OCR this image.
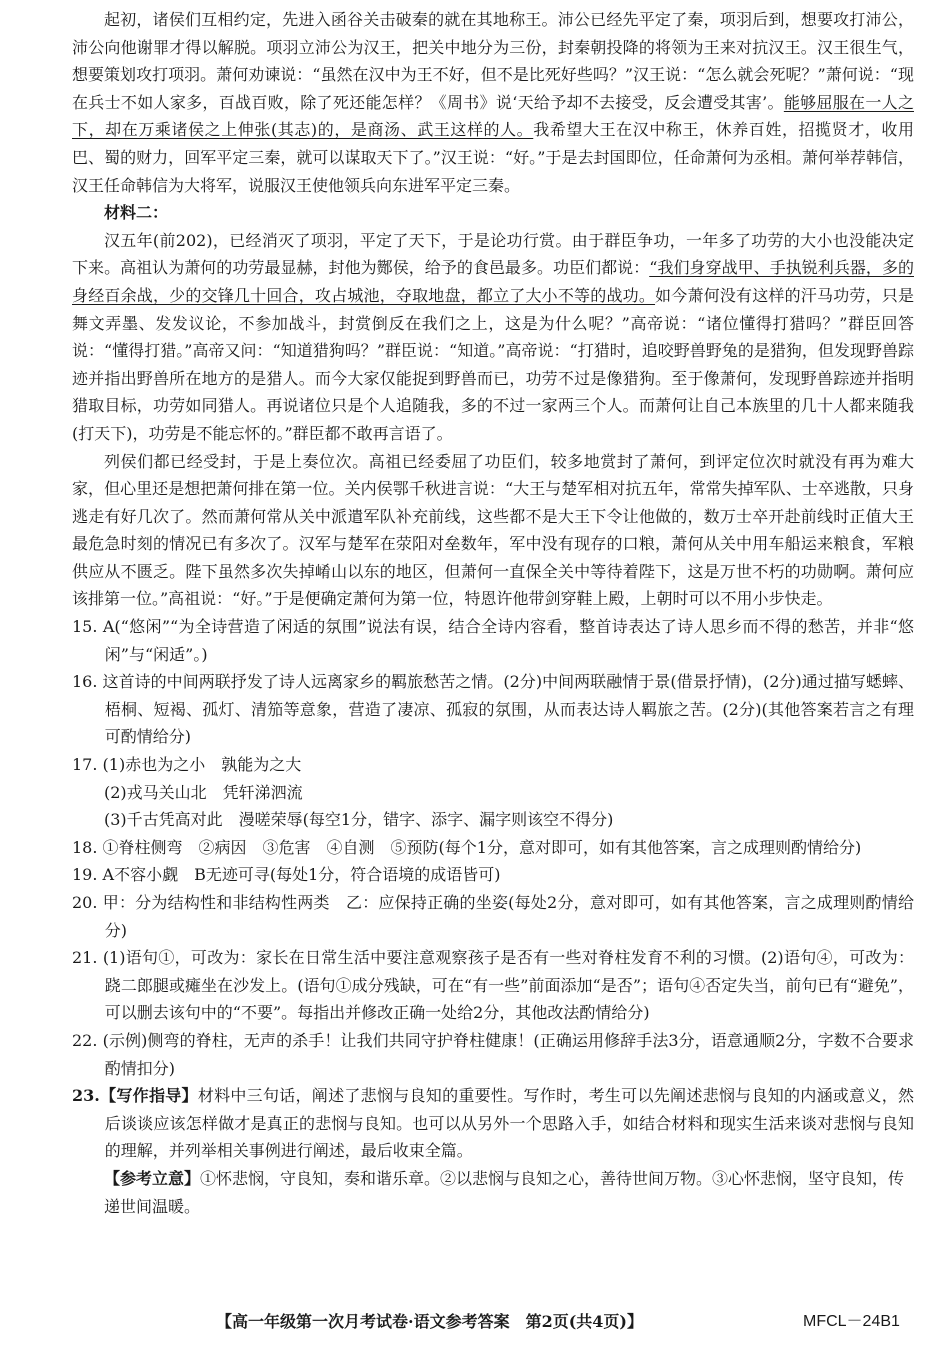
起初，诸侯们互相约定，先进入函谷关击破秦的就在其地称王。沛公已经先平定了秦，项羽后到，想要攻打沛公，沛公向他谢罪才得以解脱。项羽立沛公为汉王，把关中地分为三份，封秦朝投降的将领为王来对抗汉王。汉王很生气，想要策划攻打项羽。萧何劝谏说：“虽然在汉中为王不好，但不是比死好些吗？”汉王说：“怎么就会死呢？”萧何说：“现在兵士不如人家多，百战百败，除了死还能怎样？《周书》说‘天给予却不去接受，反会遭受其害’。能够屈服在一人之下，却在万乘诸侯之上伸张(其志)的，是商汤、武王这样的人。我希望大王在汉中称王，休养百姓，招揽贤才，收用巴、蜀的财力，回军平定三秦，就可以谋取天下了。”汉王说：“好。”于是去封国即位，任命萧何为丞相。萧何举荐韩信，汉王任命韩信为大将军，说服汉王使他领兵向东进军平定三秦。

材料二：

汉五年(前202)，已经消灭了项羽，平定了天下，于是论功行赏。由于群臣争功，一年多了功劳的大小也没能决定下来。高祖认为萧何的功劳最显赫，封他为酂侯，给予的食邑最多。功臣们都说：“我们身穿战甲、手执锐利兵器，多的身经百余战，少的交锋几十回合，攻占城池，夺取地盘，都立了大小不等的战功。如今萧何没有这样的汗马功劳，只是舞文弄墨、发发议论，不参加战斗，封赏倒反在我们之上，这是为什么呢？”高帝说：“诸位懂得打猎吗？”群臣回答说：“懂得打猎。”高帝又问：“知道猎狗吗？”群臣说：“知道。”高帝说：“打猎时，追咬野兽野兔的是猎狗，但发现野兽踪迹并指出野兽所在地方的是猎人。而今大家仅能捉到野兽而已，功劳不过是像猎狗。至于像萧何，发现野兽踪迹并指明猎取目标，功劳如同猎人。再说诸位只是个人追随我，多的不过一家两三个人。而萧何让自己本族里的几十人都来随我(打天下)，功劳是不能忘怀的。”群臣都不敢再言语了。

列侯们都已经受封，于是上奏位次。高祖已经委屈了功臣们，较多地赏封了萧何，到评定位次时就没有再为难大家，但心里还是想把萧何排在第一位。关内侯鄂千秋进言说：“大王与楚军相对抗五年，常常失掉军队、士卒逃散，只身逃走有好几次了。然而萧何常从关中派遣军队补充前线，这些都不是大王下令让他做的，数万士卒开赴前线时正值大王最危急时刻的情况已有多次了。汉军与楚军在荥阳对垒数年，军中没有现存的口粮，萧何从关中用车船运来粮食，军粮供应从不匮乏。陛下虽然多次失掉崤山以东的地区，但萧何一直保全关中等待着陛下，这是万世不朽的功勋啊。萧何应该排第一位。”高祖说：“好。”于是便确定萧何为第一位，特恩许他带剑穿鞋上殿，上朝时可以不用小步快走。

15. A(“悠闲”“为全诗营造了闲适的氛围”说法有误，结合全诗内容看，整首诗表达了诗人思乡而不得的愁苦，并非“悠闲”与“闲适”。)

16. 这首诗的中间两联抒发了诗人远离家乡的羁旅愁苦之情。(2分)中间两联融情于景(借景抒情)，(2分)通过描写蟋蟀、梧桐、短褐、孤灯、清笳等意象，营造了凄凉、孤寂的氛围，从而表达诗人羁旅之苦。(2分)(其他答案若言之有理可酌情给分)

17. (1)赤也为之小　孰能为之大

(2)戎马关山北　凭轩涕泗流

(3)千古凭高对此　漫嗟荣辱(每空1分，错字、添字、漏字则该空不得分)

18. ①脊柱侧弯　②病因　③危害　④自测　⑤预防(每个1分，意对即可，如有其他答案，言之成理则酌情给分)

19. A不容小觑　B无迹可寻(每处1分，符合语境的成语皆可)

20. 甲：分为结构性和非结构性两类　乙：应保持正确的坐姿(每处2分，意对即可，如有其他答案，言之成理则酌情给分)

21. (1)语句①，可改为：家长在日常生活中要注意观察孩子是否有一些对脊柱发育不利的习惯。(2)语句④，可改为：跷二郎腿或瘫坐在沙发上。(语句①成分残缺，可在“有一些”前面添加“是否”；语句④否定失当，前句已有“避免”，可以删去该句中的“不要”。每指出并修改正确一处给2分，其他改法酌情给分)

22. (示例)侧弯的脊柱，无声的杀手！让我们共同守护脊柱健康！(正确运用修辞手法3分，语意通顺2分，字数不合要求酌情扣分)

23.【写作指导】材料中三句话，阐述了悲悯与良知的重要性。写作时，考生可以先阐述悲悯与良知的内涵或意义，然后谈谈应该怎样做才是真正的悲悯与良知。也可以从另外一个思路入手，如结合材料和现实生活来谈对悲悯与良知的理解，并列举相关事例进行阐述，最后收束全篇。

【参考立意】①怀悲悯，守良知，奏和谐乐章。②以悲悯与良知之心，善待世间万物。③心怀悲悯，坚守良知，传递世间温暖。

【高一年级第一次月考试卷·语文参考答案　第2页(共4页)】	MFCL－24B1
